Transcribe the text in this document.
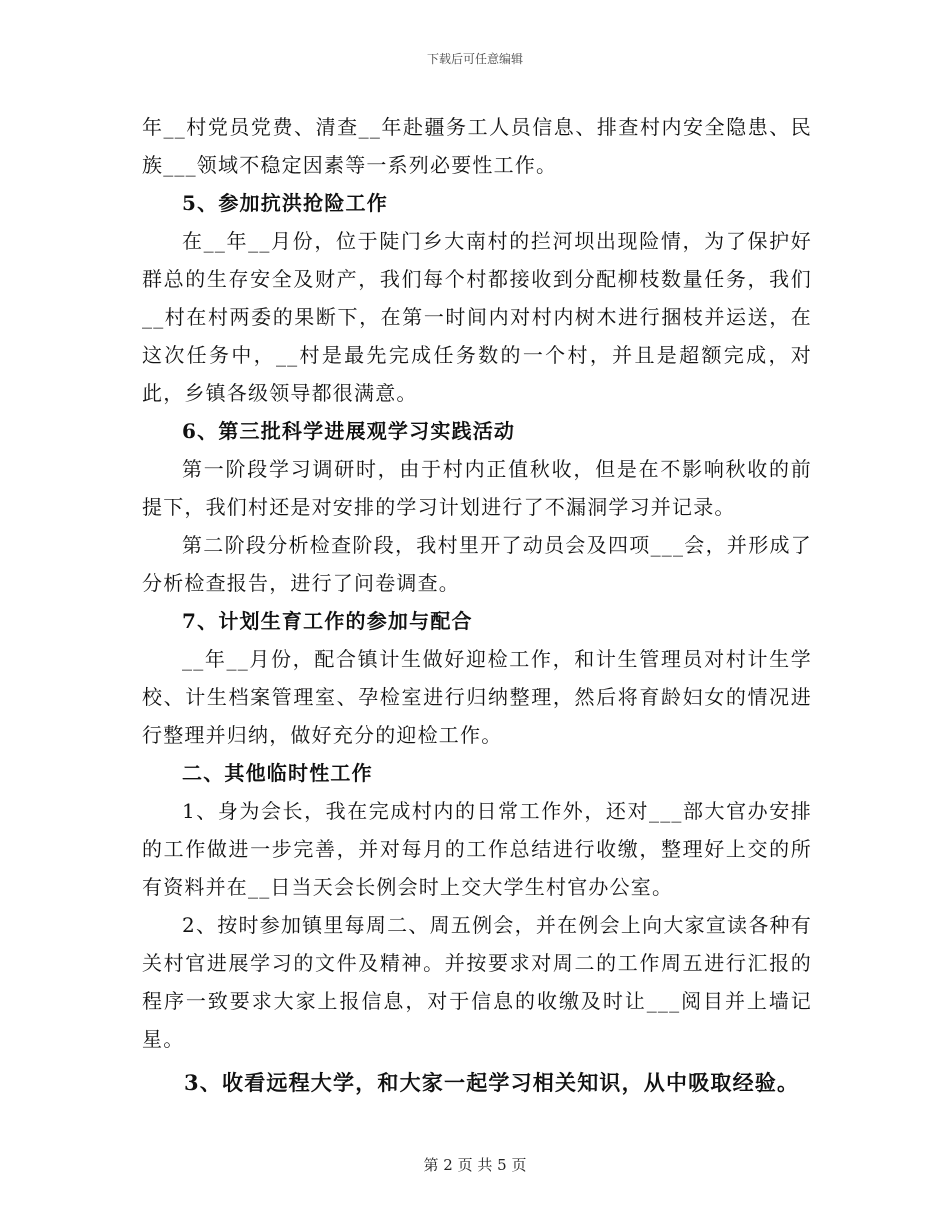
下载后可任意编辑

年__村党员党费、清查__年赴疆务工人员信息、排查村内安全隐患、民族___领域不稳定因素等一系列必要性工作。

5、参加抗洪抢险工作

在__年__月份，位于陡门乡大南村的拦河坝出现险情，为了保护好群总的生存安全及财产，我们每个村都接收到分配柳枝数量任务，我们__村在村两委的果断下，在第一时间内对村内树木进行捆枝并运送，在这次任务中，__村是最先完成任务数的一个村，并且是超额完成，对此，乡镇各级领导都很满意。

6、第三批科学进展观学习实践活动

第一阶段学习调研时，由于村内正值秋收，但是在不影响秋收的前提下，我们村还是对安排的学习计划进行了不漏洞学习并记录。

第二阶段分析检查阶段，我村里开了动员会及四项___会，并形成了分析检查报告，进行了问卷调查。

7、计划生育工作的参加与配合

__年__月份，配合镇计生做好迎检工作，和计生管理员对村计生学校、计生档案管理室、孕检室进行归纳整理，然后将育龄妇女的情况进行整理并归纳，做好充分的迎检工作。

二、其他临时性工作

1、身为会长，我在完成村内的日常工作外，还对___部大官办安排的工作做进一步完善，并对每月的工作总结进行收缴，整理好上交的所有资料并在__日当天会长例会时上交大学生村官办公室。

2、按时参加镇里每周二、周五例会，并在例会上向大家宣读各种有关村官进展学习的文件及精神。并按要求对周二的工作周五进行汇报的程序一致要求大家上报信息，对于信息的收缴及时让___阅目并上墙记星。

3、收看远程大学，和大家一起学习相关知识，从中吸取经验。

第 2 页 共 5 页
